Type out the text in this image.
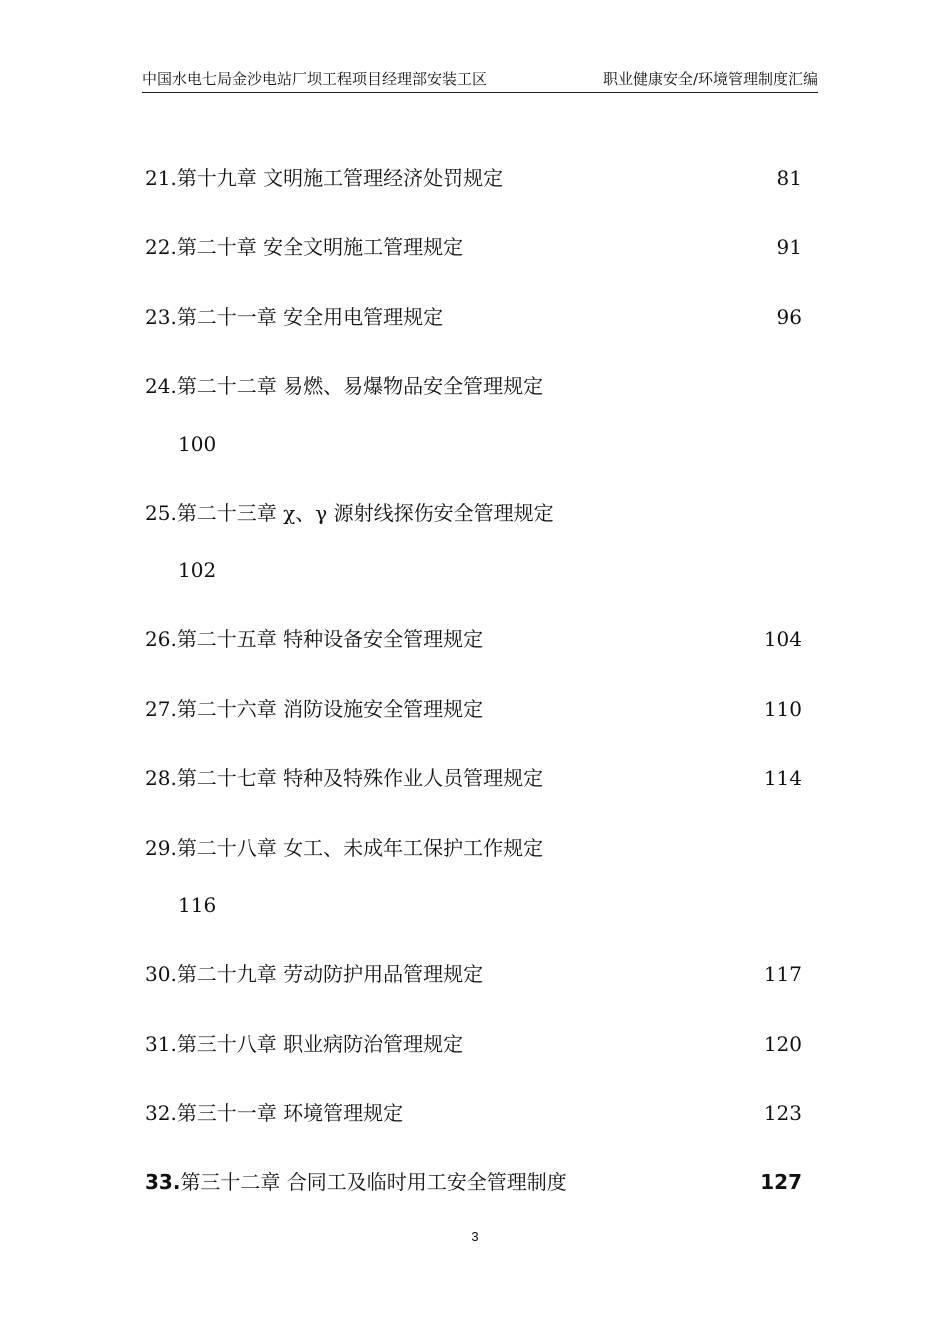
中国水电七局金沙电站厂坝工程项目经理部安装工区	职业健康安全/环境管理制度汇编
21.第十九章 文明施工管理经济处罚规定	81
22.第二十章 安全文明施工管理规定	91
23.第二十一章 安全用电管理规定	96
24.第二十二章 易燃、易爆物品安全管理规定
100
25.第二十三章 χ、γ 源射线探伤安全管理规定
102
26.第二十五章 特种设备安全管理规定	104
27.第二十六章 消防设施安全管理规定	110
28.第二十七章 特种及特殊作业人员管理规定	114
29.第二十八章 女工、未成年工保护工作规定
116
30.第二十九章 劳动防护用品管理规定	117
31.第三十八章 职业病防治管理规定	120
32.第三十一章 环境管理规定	123
33.第三十二章 合同工及临时用工安全管理制度	127
3
